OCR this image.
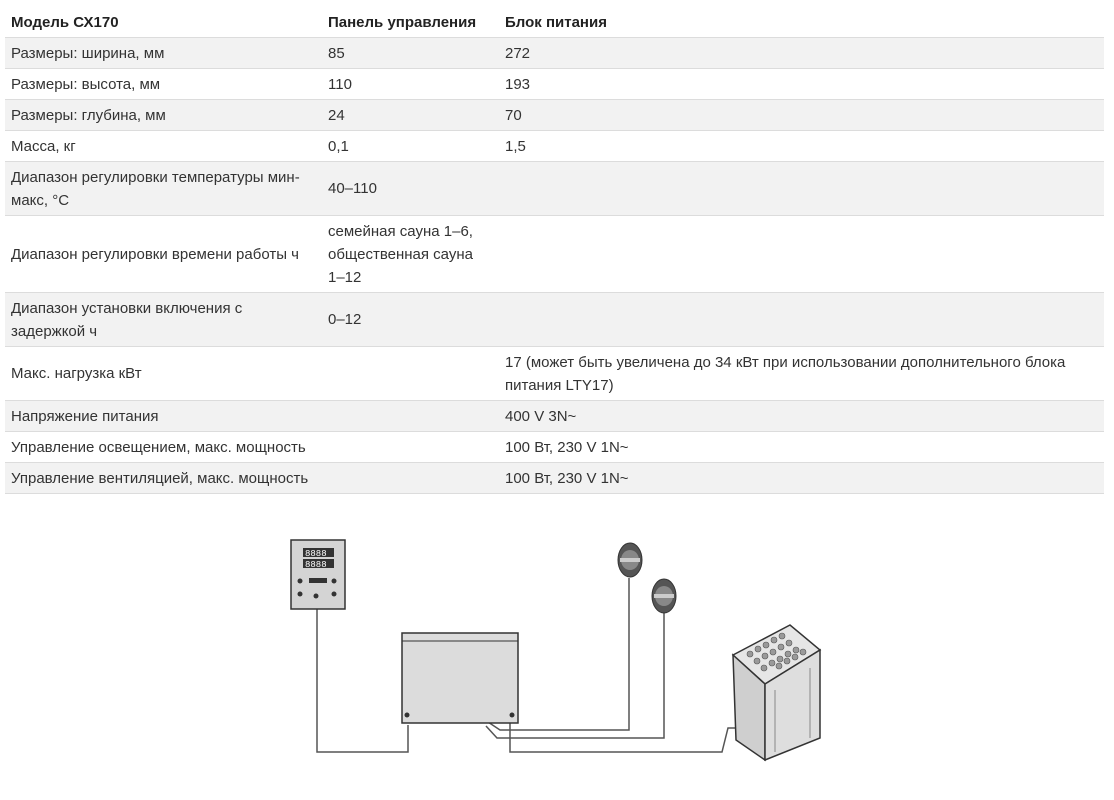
Модель СХ170	Панель управления	Блок питания
Размеры: ширина, мм	85	272
Размеры: высота, мм	110	193
Размеры: глубина, мм	24	70
Масса, кг	0,1	1,5
Диапазон регулировки температуры мин-макс, °C	40–110	
Диапазон регулировки времени работы ч	семейная сауна 1–6, общественная сауна 1–12	
Диапазон установки включения с задержкой ч	0–12	
Макс. нагрузка кВт		17 (может быть увеличена до 34 кВт при использовании дополнительного блока питания LTY17)
Напряжение питания		400 V 3N~
Управление освещением, макс. мощность		100 Вт, 230 V 1N~
Управление вентиляцией, макс. мощность		100 Вт, 230 V 1N~
8888
8888
